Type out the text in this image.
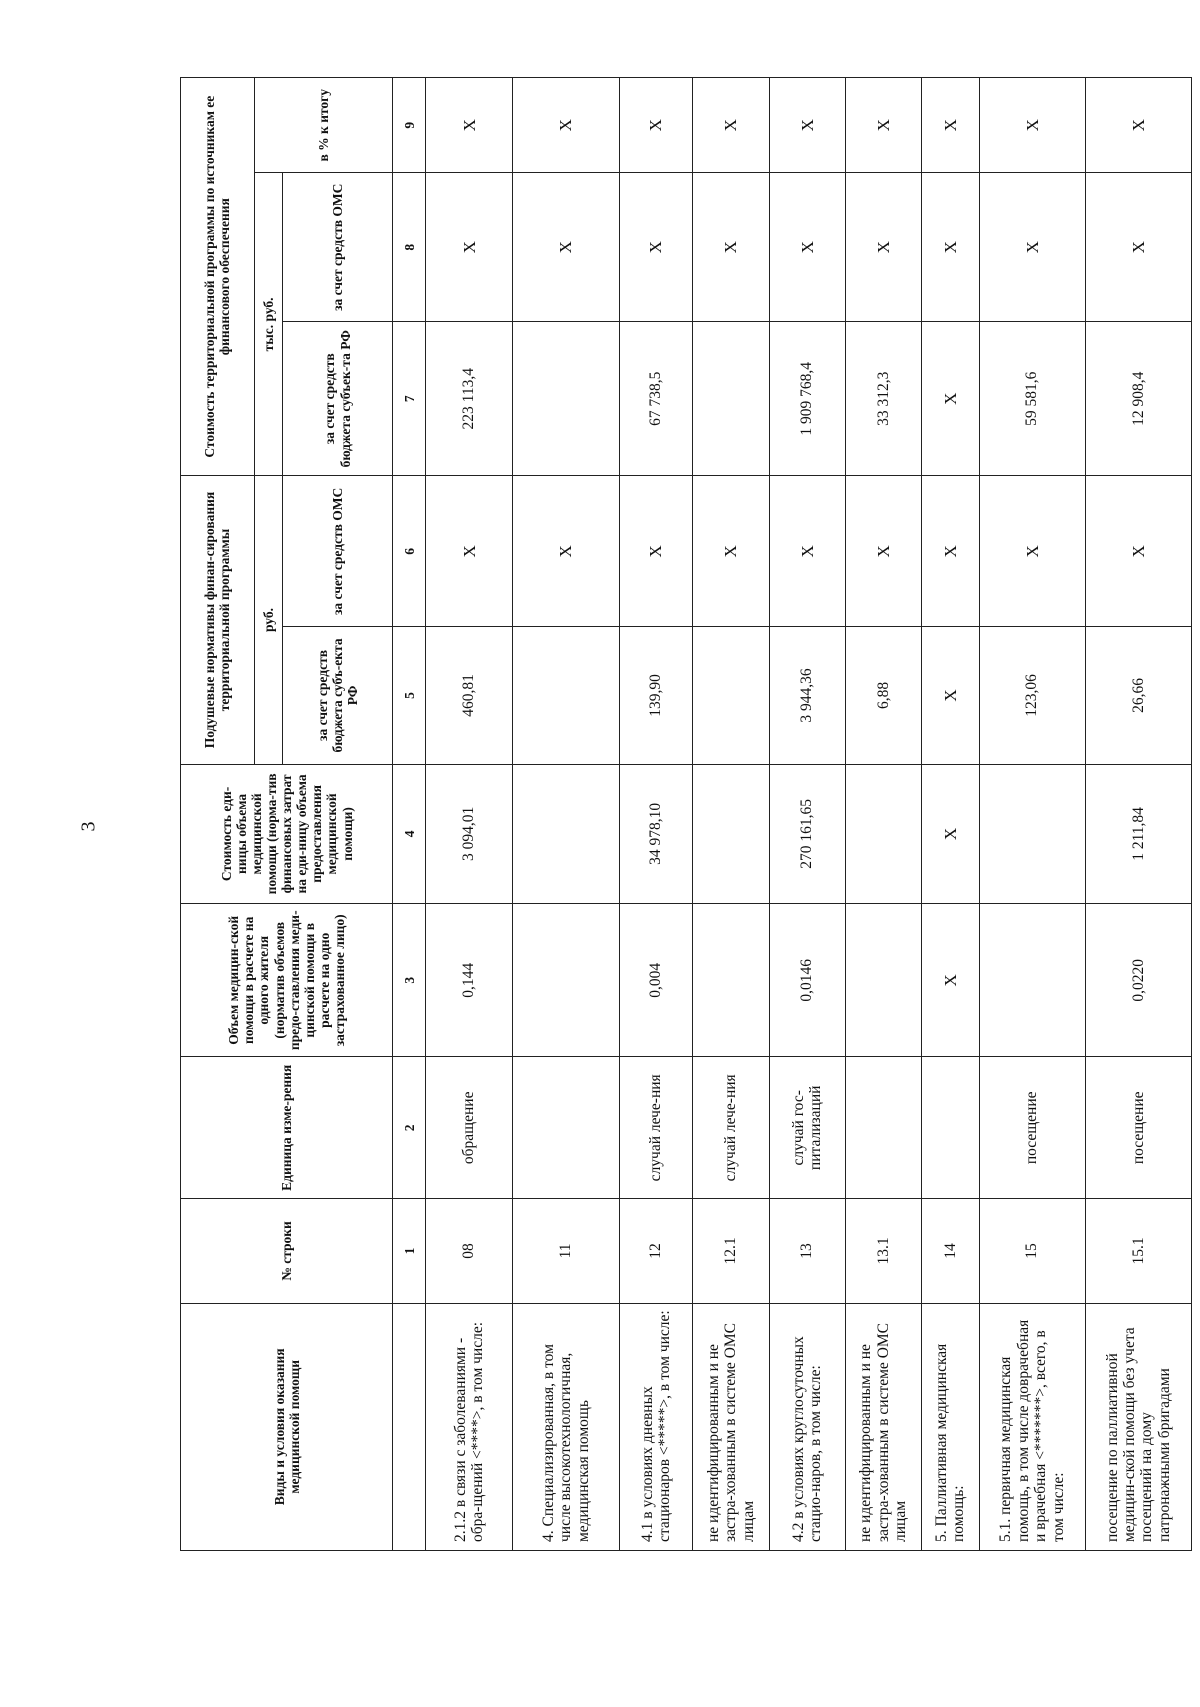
3
Виды и условия оказания медицинской помощи	№ строки	Единица изме-рения	Объем медицин-ской помощи в расчете на одного жителя (норматив объемов предо-ставления меди-цинской помощи в расчете на одно застрахованное лицо)	Стоимость еди-ницы объема медицинской помощи (норма-тив финансовых затрат на еди-ницу объема предоставления медицинской помощи)	Подушевые нормативы финан-сирования территориальной программы		Стоимость территориальной программы по источникам ее финансового обеспечения		
					руб.		тыс. руб.		в % к итогу
					за счет средств бюджета субъ-екта РФ	за счет средств ОМС	за счет средств бюджета субъек-та РФ	за счет средств ОМС	
	1	2	3	4	5	6	7	8	9
2.1.2 в связи с заболеваниями - обра-щений <****>, в том числе:	08	обращение	0,144	3 094,01	460,81	Х	223 113,4	Х	Х
4. Специализированная, в том числе высокотехнологичная, медицинская помощь	11					Х		Х	Х
4.1 в условиях дневных стационаров <*****>, в том числе:	12	случай лече-ния	0,004	34 978,10	139,90	Х	67 738,5	Х	Х
не идентифицированным и не застра-хованным в системе ОМС лицам	12.1	случай лече-ния				Х		Х	Х
4.2 в условиях круглосуточных стацио-наров, в том числе:	13	случай гос-питализаций	0,0146	270 161,65	3 944,36	Х	1 909 768,4	Х	Х
не идентифицированным и не застра-хованным в системе ОМС лицам	13.1				6,88	Х	33 312,3	Х	Х
5. Паллиативная медицинская помощь:	14		Х	Х	Х	Х	Х	Х	Х
5.1. первичная медицинская помощь, в том числе доврачебная и врачебная <*******>, всего, в том числе:	15	посещение			123,06	Х	59 581,6	Х	Х
посещение по паллиативной медицин-ской помощи без учета посещений на дому патронажными бригадами	15.1	посещение	0,0220	1 211,84	26,66	Х	12 908,4	Х	Х
